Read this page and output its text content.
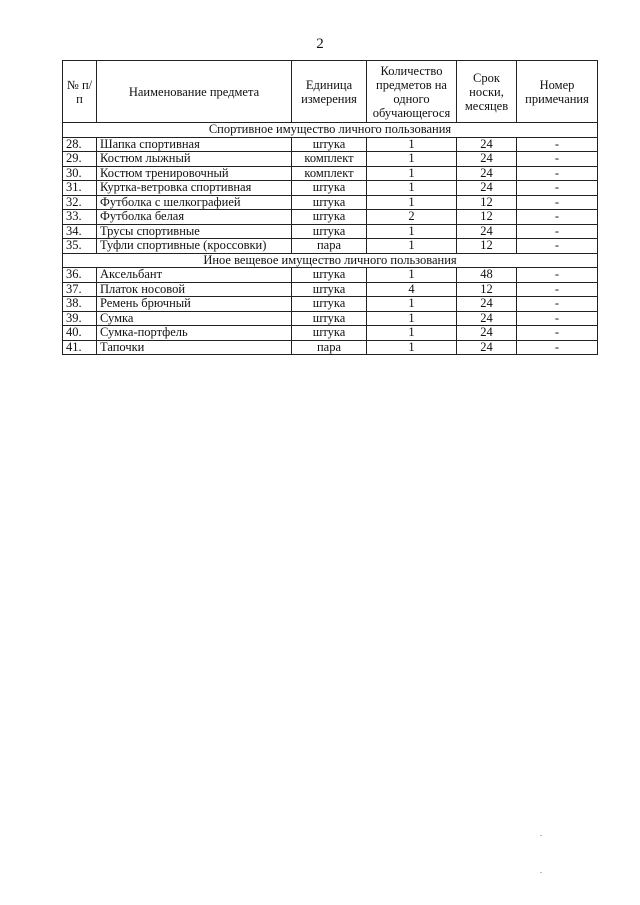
2
№ п/п	Наименование предмета	Единица измерения	Количество предметов на одного обучающегося	Срок носки, месяцев	Номер примечания
Спортивное имущество личного пользования					
28.	Шапка спортивная	штука	1	24	-
29.	Костюм лыжный	комплект	1	24	-
30.	Костюм тренировочный	комплект	1	24	-
31.	Куртка-ветровка спортивная	штука	1	24	-
32.	Футболка с шелкографией	штука	1	12	-
33.	Футболка белая	штука	2	12	-
34.	Трусы спортивные	штука	1	24	-
35.	Туфли спортивные (кроссовки)	пара	1	12	-
Иное вещевое имущество личного пользования					
36.	Аксельбант	штука	1	48	-
37.	Платок носовой	штука	4	12	-
38.	Ремень брючный	штука	1	24	-
39.	Сумка	штука	1	24	-
40.	Сумка-портфель	штука	1	24	-
41.	Тапочки	пара	1	24	-
